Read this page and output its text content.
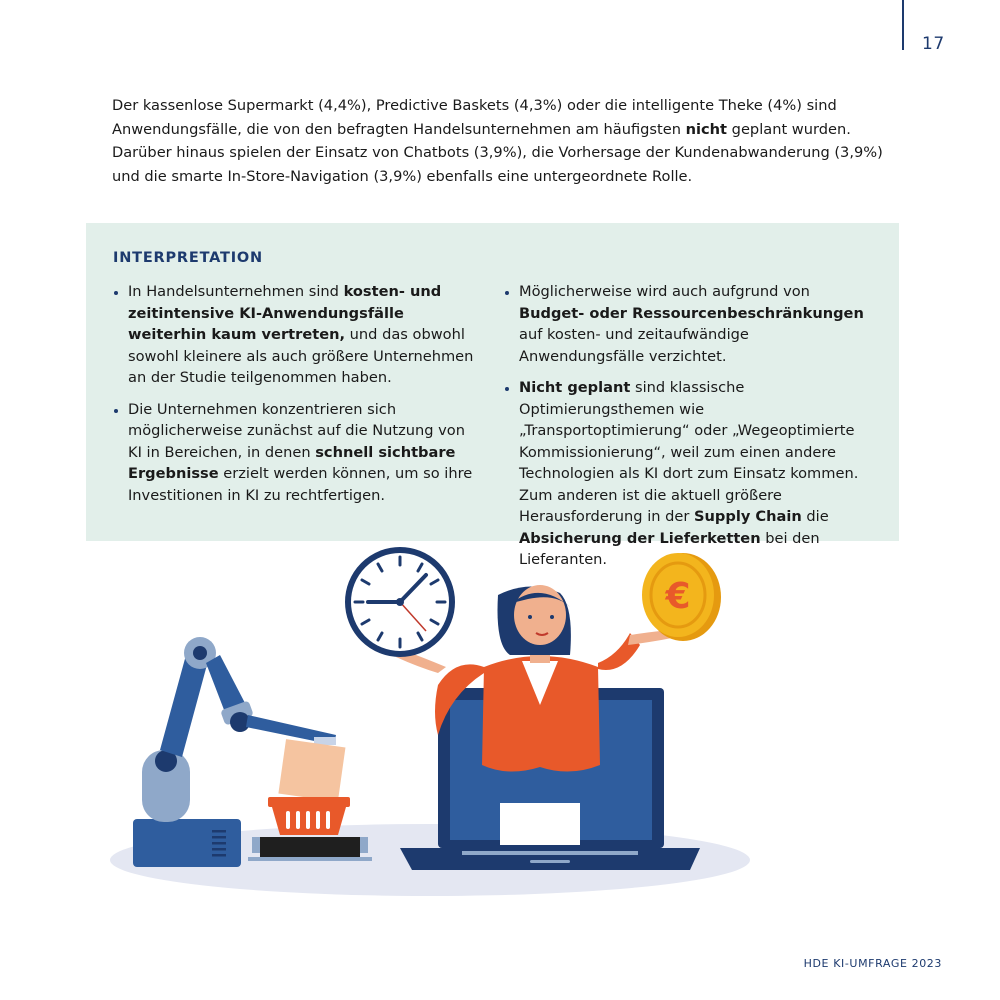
17

Der kassenlose Supermarkt (4,4%), Predictive Baskets (4,3%) oder die intelligente Theke (4%) sind Anwendungsfälle, die von den befragten Handelsunternehmen am häufigsten nicht geplant wurden. Darüber hinaus spielen der Einsatz von Chatbots (3,9%), die Vorhersage der Kundenabwanderung (3,9%) und die smarte In-Store-Navigation (3,9%) ebenfalls eine untergeordnete Rolle.

INTERPRETATION
In Handelsunternehmen sind kosten- und zeitintensive KI-Anwendungsfälle weiterhin kaum vertreten, und das obwohl sowohl kleinere als auch größere Unternehmen an der Studie teilgenommen haben.
Die Unternehmen konzentrieren sich möglicherweise zunächst auf die Nutzung von KI in Bereichen, in denen schnell sichtbare Ergebnisse erzielt werden können, um so ihre Investitionen in KI zu rechtfertigen.
Möglicherweise wird auch aufgrund von Budget- oder Ressourcenbeschränkungen auf kosten- und zeitaufwändige Anwendungsfälle verzichtet.
Nicht geplant sind klassische Optimierungsthemen wie „Transportoptimierung“ oder „Wegeoptimierte Kommissionierung“, weil zum einen andere Technologien als KI dort zum Einsatz kommen. Zum anderen ist die aktuell größere Herausforderung in der Supply Chain die Absicherung der Lieferketten bei den Lieferanten.
€
HDE KI-UMFRAGE 2023
